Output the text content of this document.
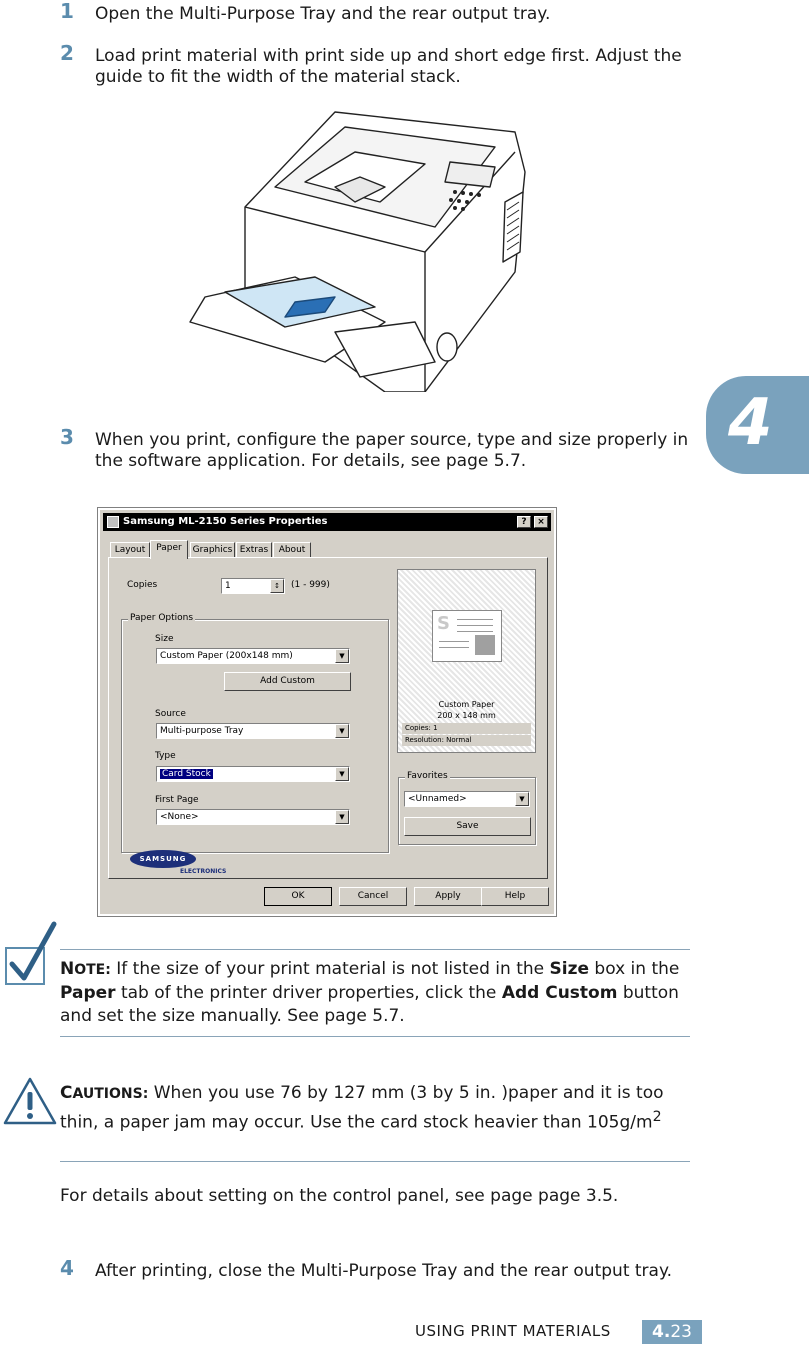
1 Open the Multi-Purpose Tray and the rear output tray.
2 Load print material with print side up and short edge first. Adjust the guide to fit the width of the material stack.
3 When you print, configure the paper source, type and size properly in the software application. For details, see page 5.7.
Samsung ML-2150 Series Properties	?	×
Layout	Paper	Graphics Extras	About
Copies	1	↕	(1 - 999)
Paper Options
Size
Custom Paper (200x148 mm)	▼
Add Custom
Source
Multi-purpose Tray	▼
Type
Card Stock	▼
First Page
<None>	▼
S
Custom Paper
200 x 148 mm
Copies: 1
Resolution: Normal
Favorites
<Unnamed>	▼
Save
SAMSUNG
ELECTRONICS
OK	Cancel	Apply	Help
NOTE: If the size of your print material is not listed in the Size box in the Paper tab of the printer driver properties, click the Add Custom button and set the size manually. See page 5.7.
CAUTIONS: When you use 76 by 127 mm (3 by 5 in. )paper and it is too thin, a paper jam may occur. Use the card stock heavier than $105g/m^2$
For details about setting on the control panel, see page page 3.5.
4 After printing, close the Multi-Purpose Tray and the rear output tray.
4
USING PRINT MATERIALS	4.23
